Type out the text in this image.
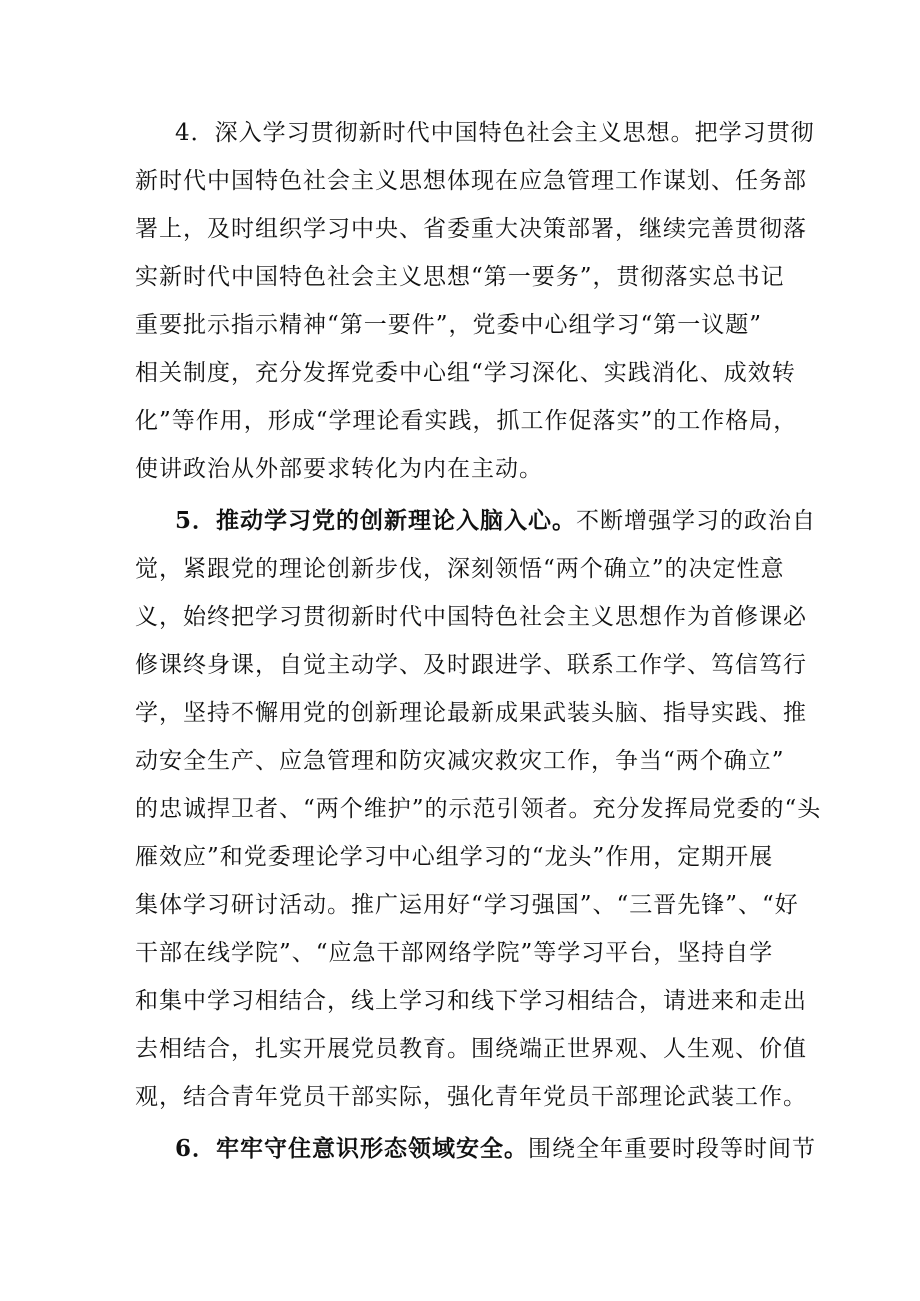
4．深入学习贯彻新时代中国特色社会主义思想。把学习贯彻
新时代中国特色社会主义思想体现在应急管理工作谋划、任务部
署上，及时组织学习中央、省委重大决策部署，继续完善贯彻落
实新时代中国特色社会主义思想“第一要务”，贯彻落实总书记
重要批示指示精神“第一要件”，党委中心组学习“第一议题”
相关制度，充分发挥党委中心组“学习深化、实践消化、成效转
化”等作用，形成“学理论看实践，抓工作促落实”的工作格局，
使讲政治从外部要求转化为内在主动。
5．推动学习党的创新理论入脑入心。不断增强学习的政治自
觉，紧跟党的理论创新步伐，深刻领悟“两个确立”的决定性意
义，始终把学习贯彻新时代中国特色社会主义思想作为首修课必
修课终身课，自觉主动学、及时跟进学、联系工作学、笃信笃行
学，坚持不懈用党的创新理论最新成果武装头脑、指导实践、推
动安全生产、应急管理和防灾减灾救灾工作，争当“两个确立”
的忠诚捍卫者、“两个维护”的示范引领者。充分发挥局党委的“头
雁效应”和党委理论学习中心组学习的“龙头”作用，定期开展
集体学习研讨活动。推广运用好“学习强国”、“三晋先锋”、“好
干部在线学院”、“应急干部网络学院”等学习平台，坚持自学
和集中学习相结合，线上学习和线下学习相结合，请进来和走出
去相结合，扎实开展党员教育。围绕端正世界观、人生观、价值
观，结合青年党员干部实际，强化青年党员干部理论武装工作。
6．牢牢守住意识形态领域安全。围绕全年重要时段等时间节
